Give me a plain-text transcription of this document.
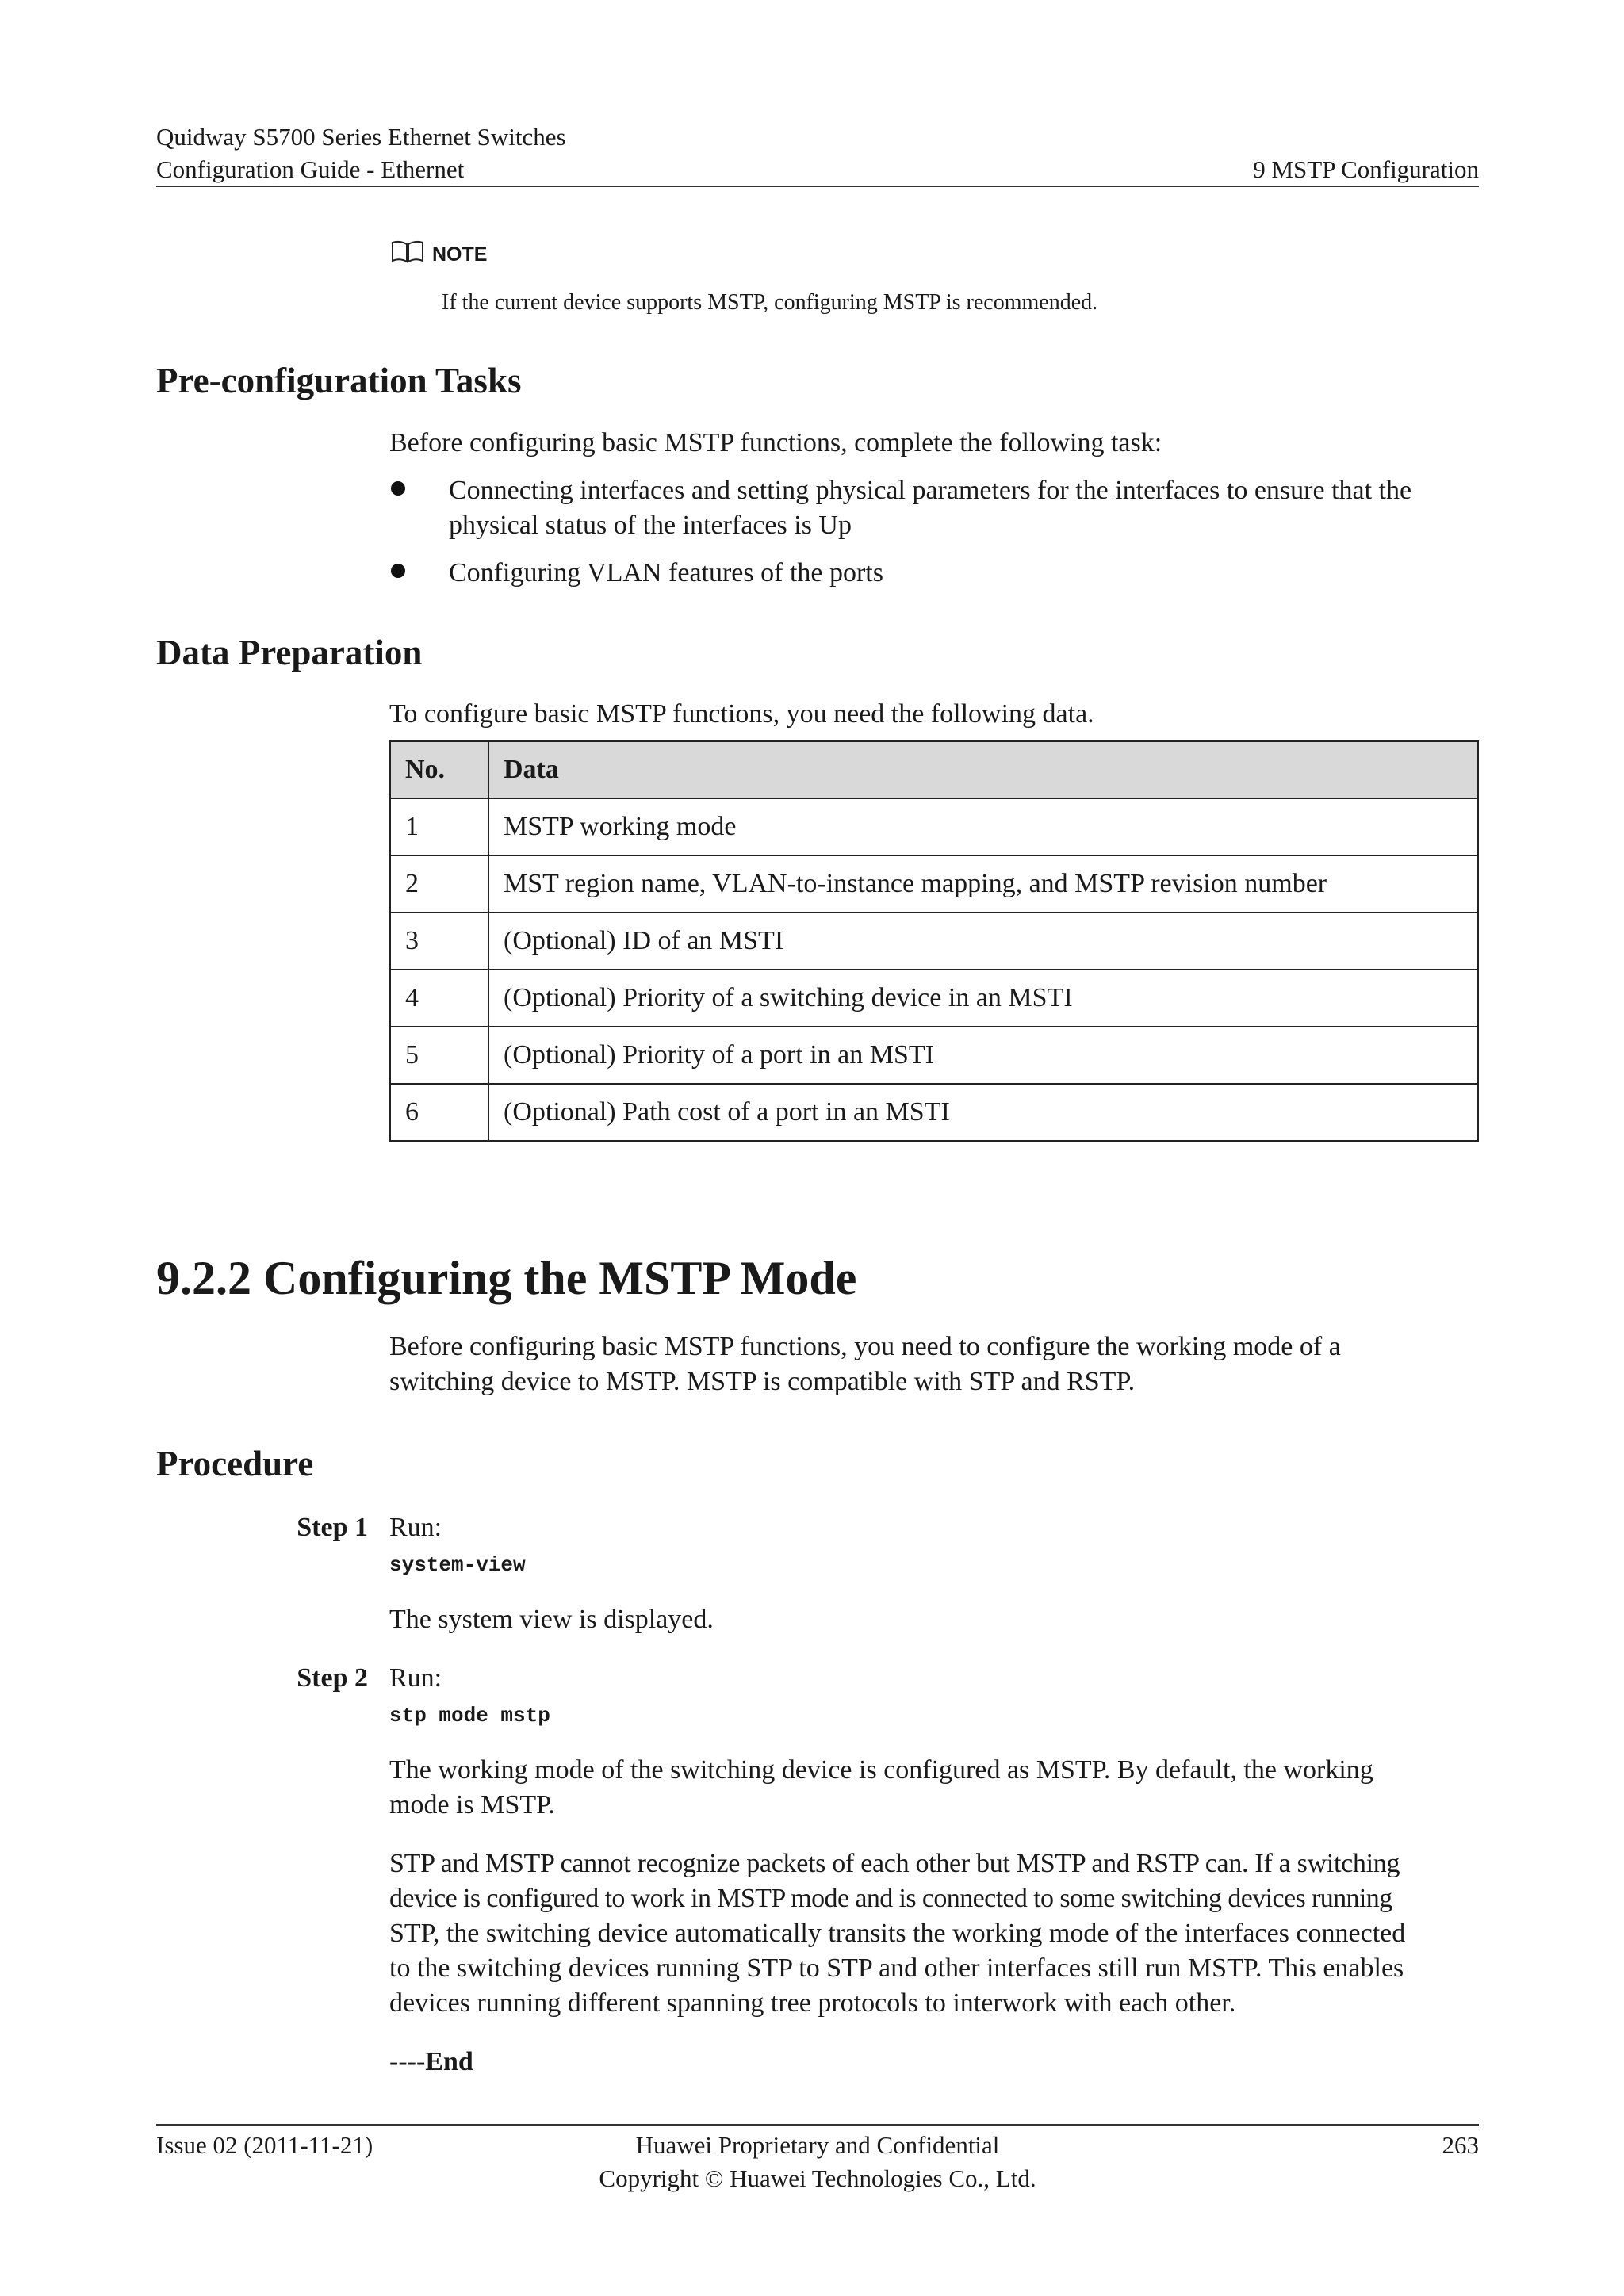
Quidway S5700 Series Ethernet Switches
Configuration Guide - Ethernet	9 MSTP Configuration
NOTE
If the current device supports MSTP, configuring MSTP is recommended.
Pre-configuration Tasks
Before configuring basic MSTP functions, complete the following task:
Connecting interfaces and setting physical parameters for the interfaces to ensure that the
physical status of the interfaces is Up
Configuring VLAN features of the ports
Data Preparation
To configure basic MSTP functions, you need the following data.
No.	Data
1	MSTP working mode
2	MST region name, VLAN-to-instance mapping, and MSTP revision number
3	(Optional) ID of an MSTI
4	(Optional) Priority of a switching device in an MSTI
5	(Optional) Priority of a port in an MSTI
6	(Optional) Path cost of a port in an MSTI
9.2.2 Configuring the MSTP Mode
Before configuring basic MSTP functions, you need to configure the working mode of a
switching device to MSTP. MSTP is compatible with STP and RSTP.
Procedure
Step 1 Run:
system-view
The system view is displayed.
Step 2 Run:
stp mode mstp
The working mode of the switching device is configured as MSTP. By default, the working
mode is MSTP.
STP and MSTP cannot recognize packets of each other but MSTP and RSTP can. If a switching
device is configured to work in MSTP mode and is connected to some switching devices running
STP, the switching device automatically transits the working mode of the interfaces connected
to the switching devices running STP to STP and other interfaces still run MSTP. This enables
devices running different spanning tree protocols to interwork with each other.
----End
Issue 02 (2011-11-21)	Huawei Proprietary and Confidential
Copyright © Huawei Technologies Co., Ltd.
263
